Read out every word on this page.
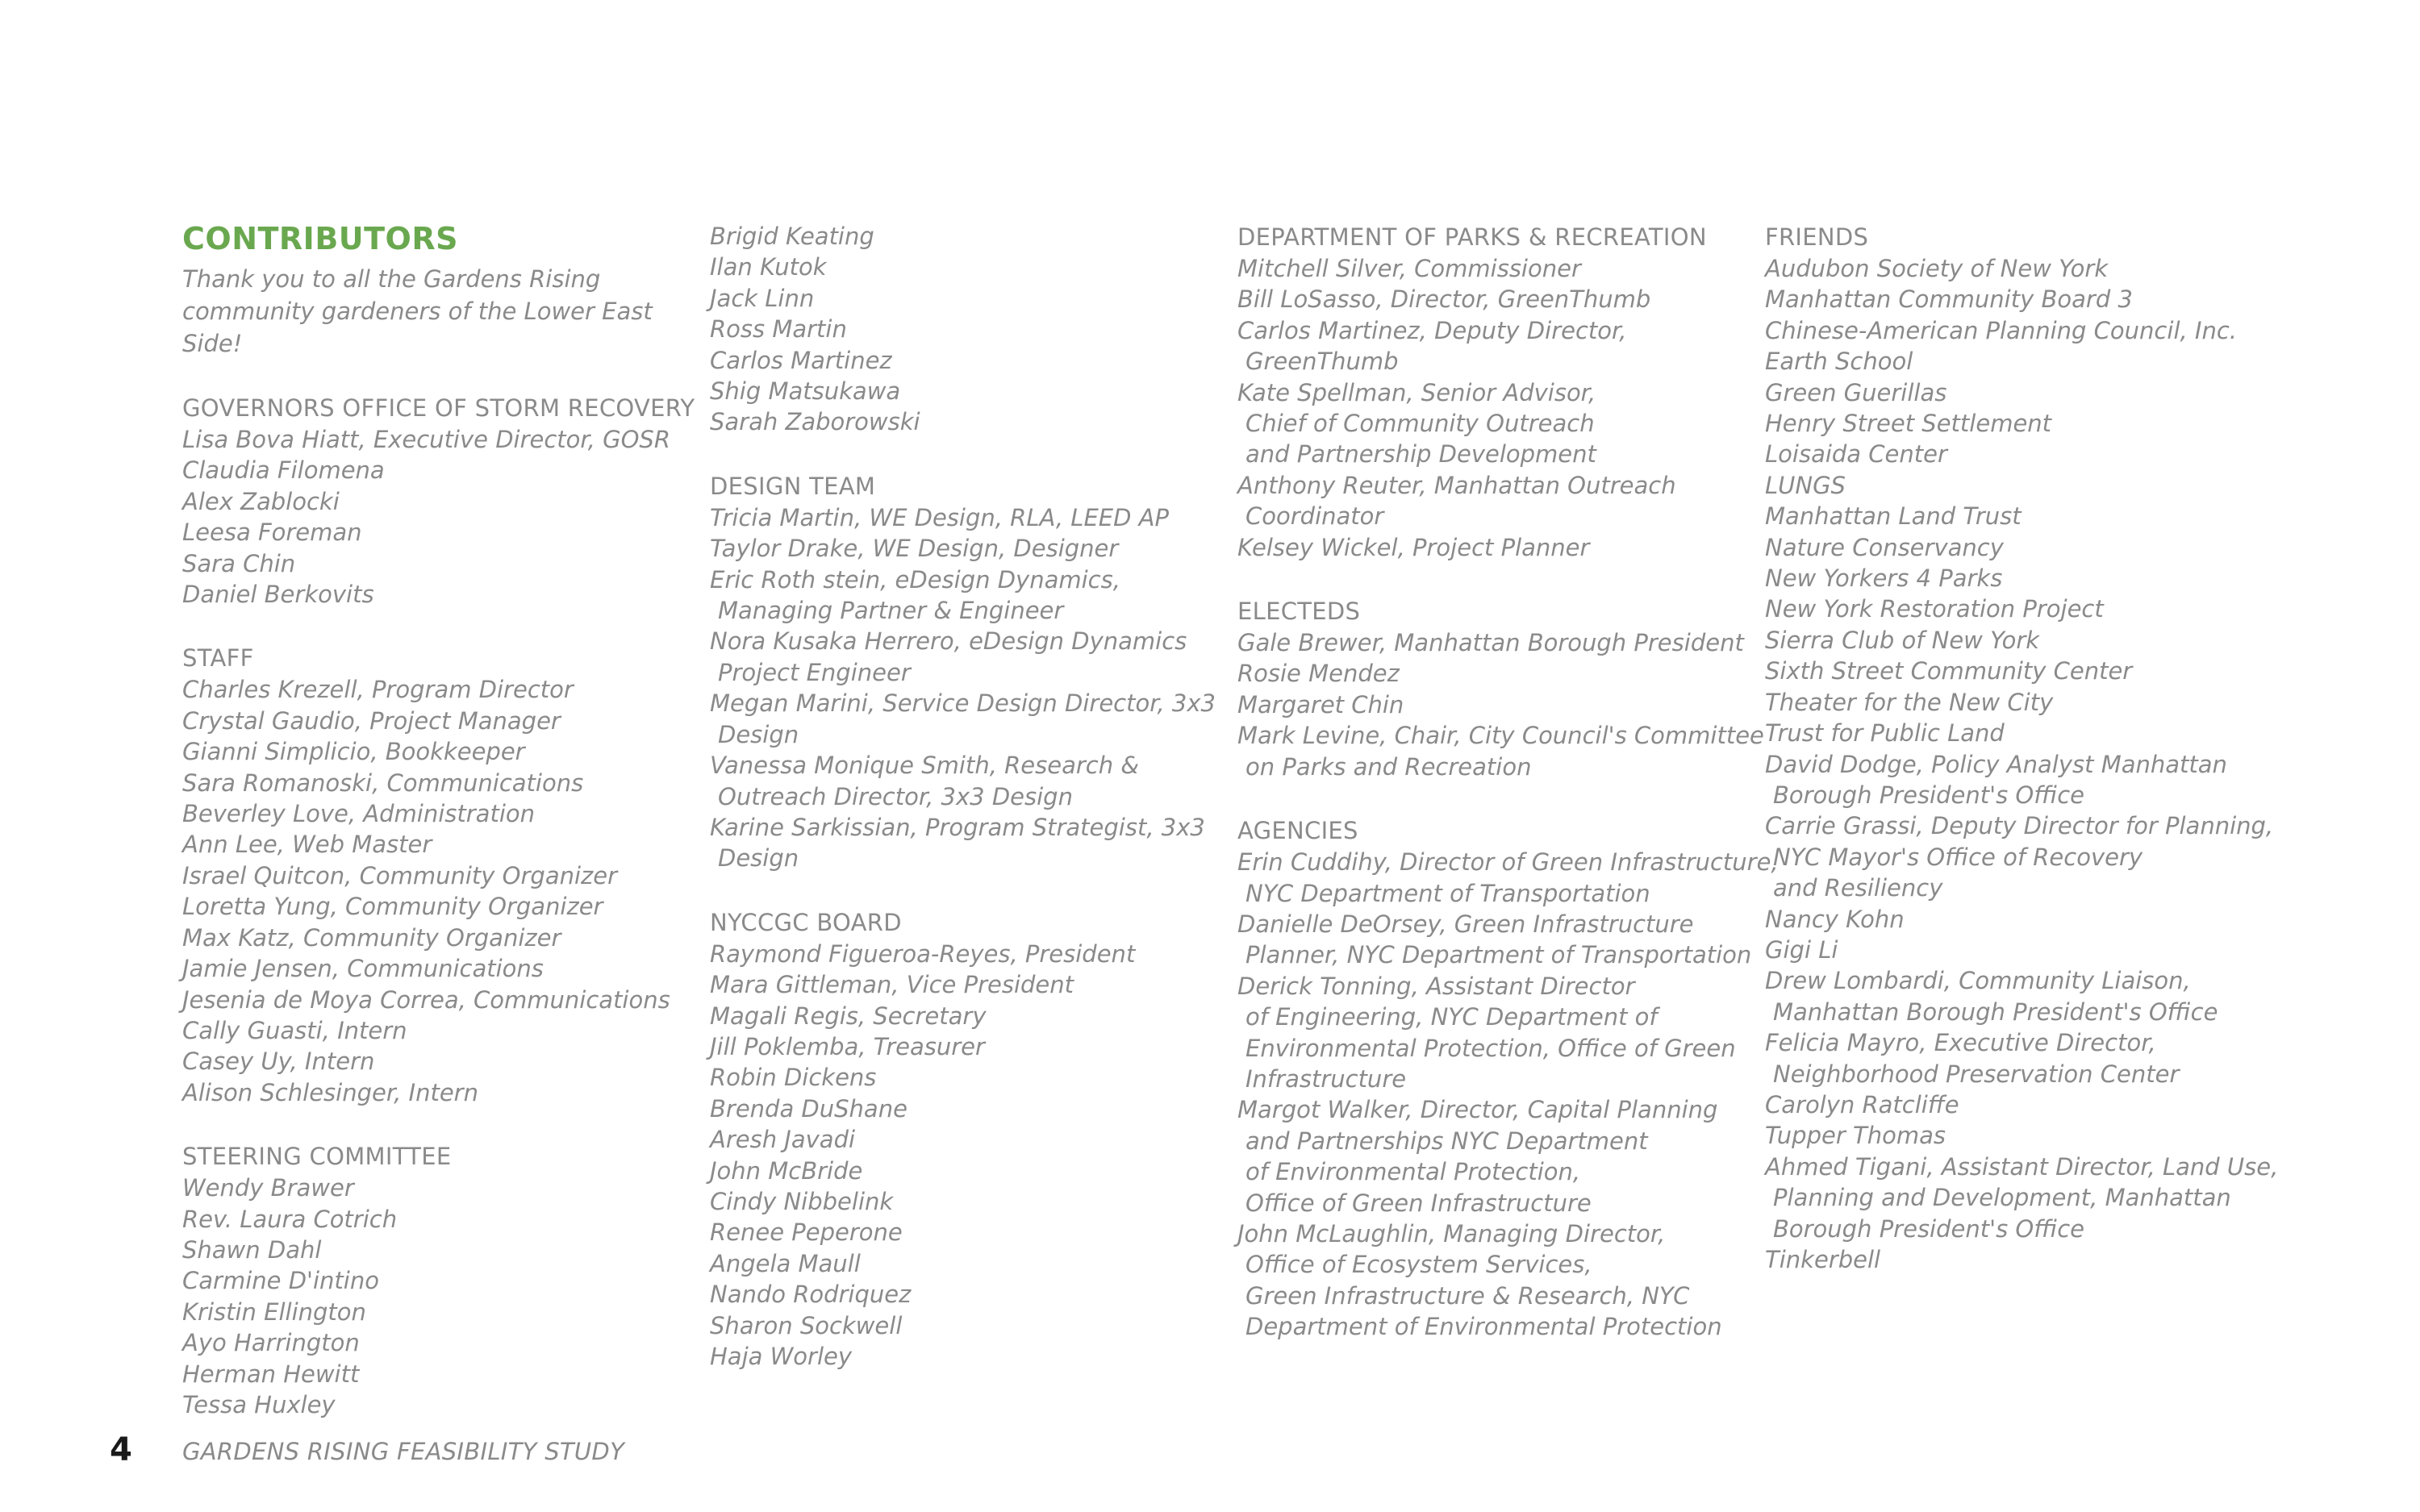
CONTRIBUTORS
Thank you to all the Gardens Rising
community gardeners of the Lower East Side!
GOVERNORS OFFICE OF STORM RECOVERY
Lisa Bova Hiatt, Executive Director, GOSR
Claudia Filomena
Alex Zablocki
Leesa Foreman
Sara Chin
Daniel Berkovits
STAFF
Charles Krezell, Program Director
Crystal Gaudio, Project Manager
Gianni Simplicio, Bookkeeper
Sara Romanoski, Communications
Beverley Love, Administration
Ann Lee, Web Master
Israel Quitcon, Community Organizer
Loretta Yung, Community Organizer
Max Katz, Community Organizer
Jamie Jensen, Communications
Jesenia de Moya Correa, Communications
Cally Guasti, Intern
Casey Uy, Intern
Alison Schlesinger, Intern
STEERING COMMITTEE
Wendy Brawer
Rev. Laura Cotrich
Shawn Dahl
Carmine D'intino
Kristin Ellington
Ayo Harrington
Herman Hewitt
Tessa Huxley
Brigid Keating
Ilan Kutok
Jack Linn
Ross Martin
Carlos Martinez
Shig Matsukawa
Sarah Zaborowski
DESIGN TEAM
Tricia Martin, WE Design, RLA, LEED AP
Taylor Drake, WE Design, Designer
Eric Roth stein, eDesign Dynamics,
Managing Partner & Engineer
Nora Kusaka Herrero, eDesign Dynamics
Project Engineer
Megan Marini, Service Design Director, 3x3
Design
Vanessa Monique Smith, Research &
Outreach Director, 3x3 Design
Karine Sarkissian, Program Strategist, 3x3
Design
NYCCGC BOARD
Raymond Figueroa-Reyes, President
Mara Gittleman, Vice President
Magali Regis, Secretary
Jill Poklemba, Treasurer
Robin Dickens
Brenda DuShane
Aresh Javadi
John McBride
Cindy Nibbelink
Renee Peperone
Angela Maull
Nando Rodriquez
Sharon Sockwell
Haja Worley
DEPARTMENT OF PARKS & RECREATION
Mitchell Silver, Commissioner
Bill LoSasso, Director, GreenThumb
Carlos Martinez, Deputy Director,
GreenThumb
Kate Spellman, Senior Advisor,
Chief of Community Outreach
and Partnership Development
Anthony Reuter, Manhattan Outreach
Coordinator
Kelsey Wickel, Project Planner
ELECTEDS
Gale Brewer, Manhattan Borough President
Rosie Mendez
Margaret Chin
Mark Levine, Chair, City Council's Committee
on Parks and Recreation
AGENCIES
Erin Cuddihy, Director of Green Infrastructure,
NYC Department of Transportation
Danielle DeOrsey, Green Infrastructure
Planner, NYC Department of Transportation
Derick Tonning, Assistant Director
of Engineering, NYC Department of
Environmental Protection, Office of Green
Infrastructure
Margot Walker, Director, Capital Planning
and Partnerships NYC Department
of Environmental Protection,
Office of Green Infrastructure
John McLaughlin, Managing Director,
Office of Ecosystem Services,
Green Infrastructure & Research, NYC
Department of Environmental Protection
FRIENDS
Audubon Society of New York
Manhattan Community Board 3
Chinese-American Planning Council, Inc.
Earth School
Green Guerillas
Henry Street Settlement
Loisaida Center
LUNGS
Manhattan Land Trust
Nature Conservancy
New Yorkers 4 Parks
New York Restoration Project
Sierra Club of New York
Sixth Street Community Center
Theater for the New City
Trust for Public Land
David Dodge, Policy Analyst Manhattan
Borough President's Office
Carrie Grassi, Deputy Director for Planning,
NYC Mayor's Office of Recovery
and Resiliency
Nancy Kohn
Gigi Li
Drew Lombardi, Community Liaison,
Manhattan Borough President's Office
Felicia Mayro, Executive Director,
Neighborhood Preservation Center
Carolyn Ratcliffe
Tupper Thomas
Ahmed Tigani, Assistant Director, Land Use,
Planning and Development, Manhattan
Borough President's Office
Tinkerbell
4 GARDENS RISING FEASIBILITY STUDY
